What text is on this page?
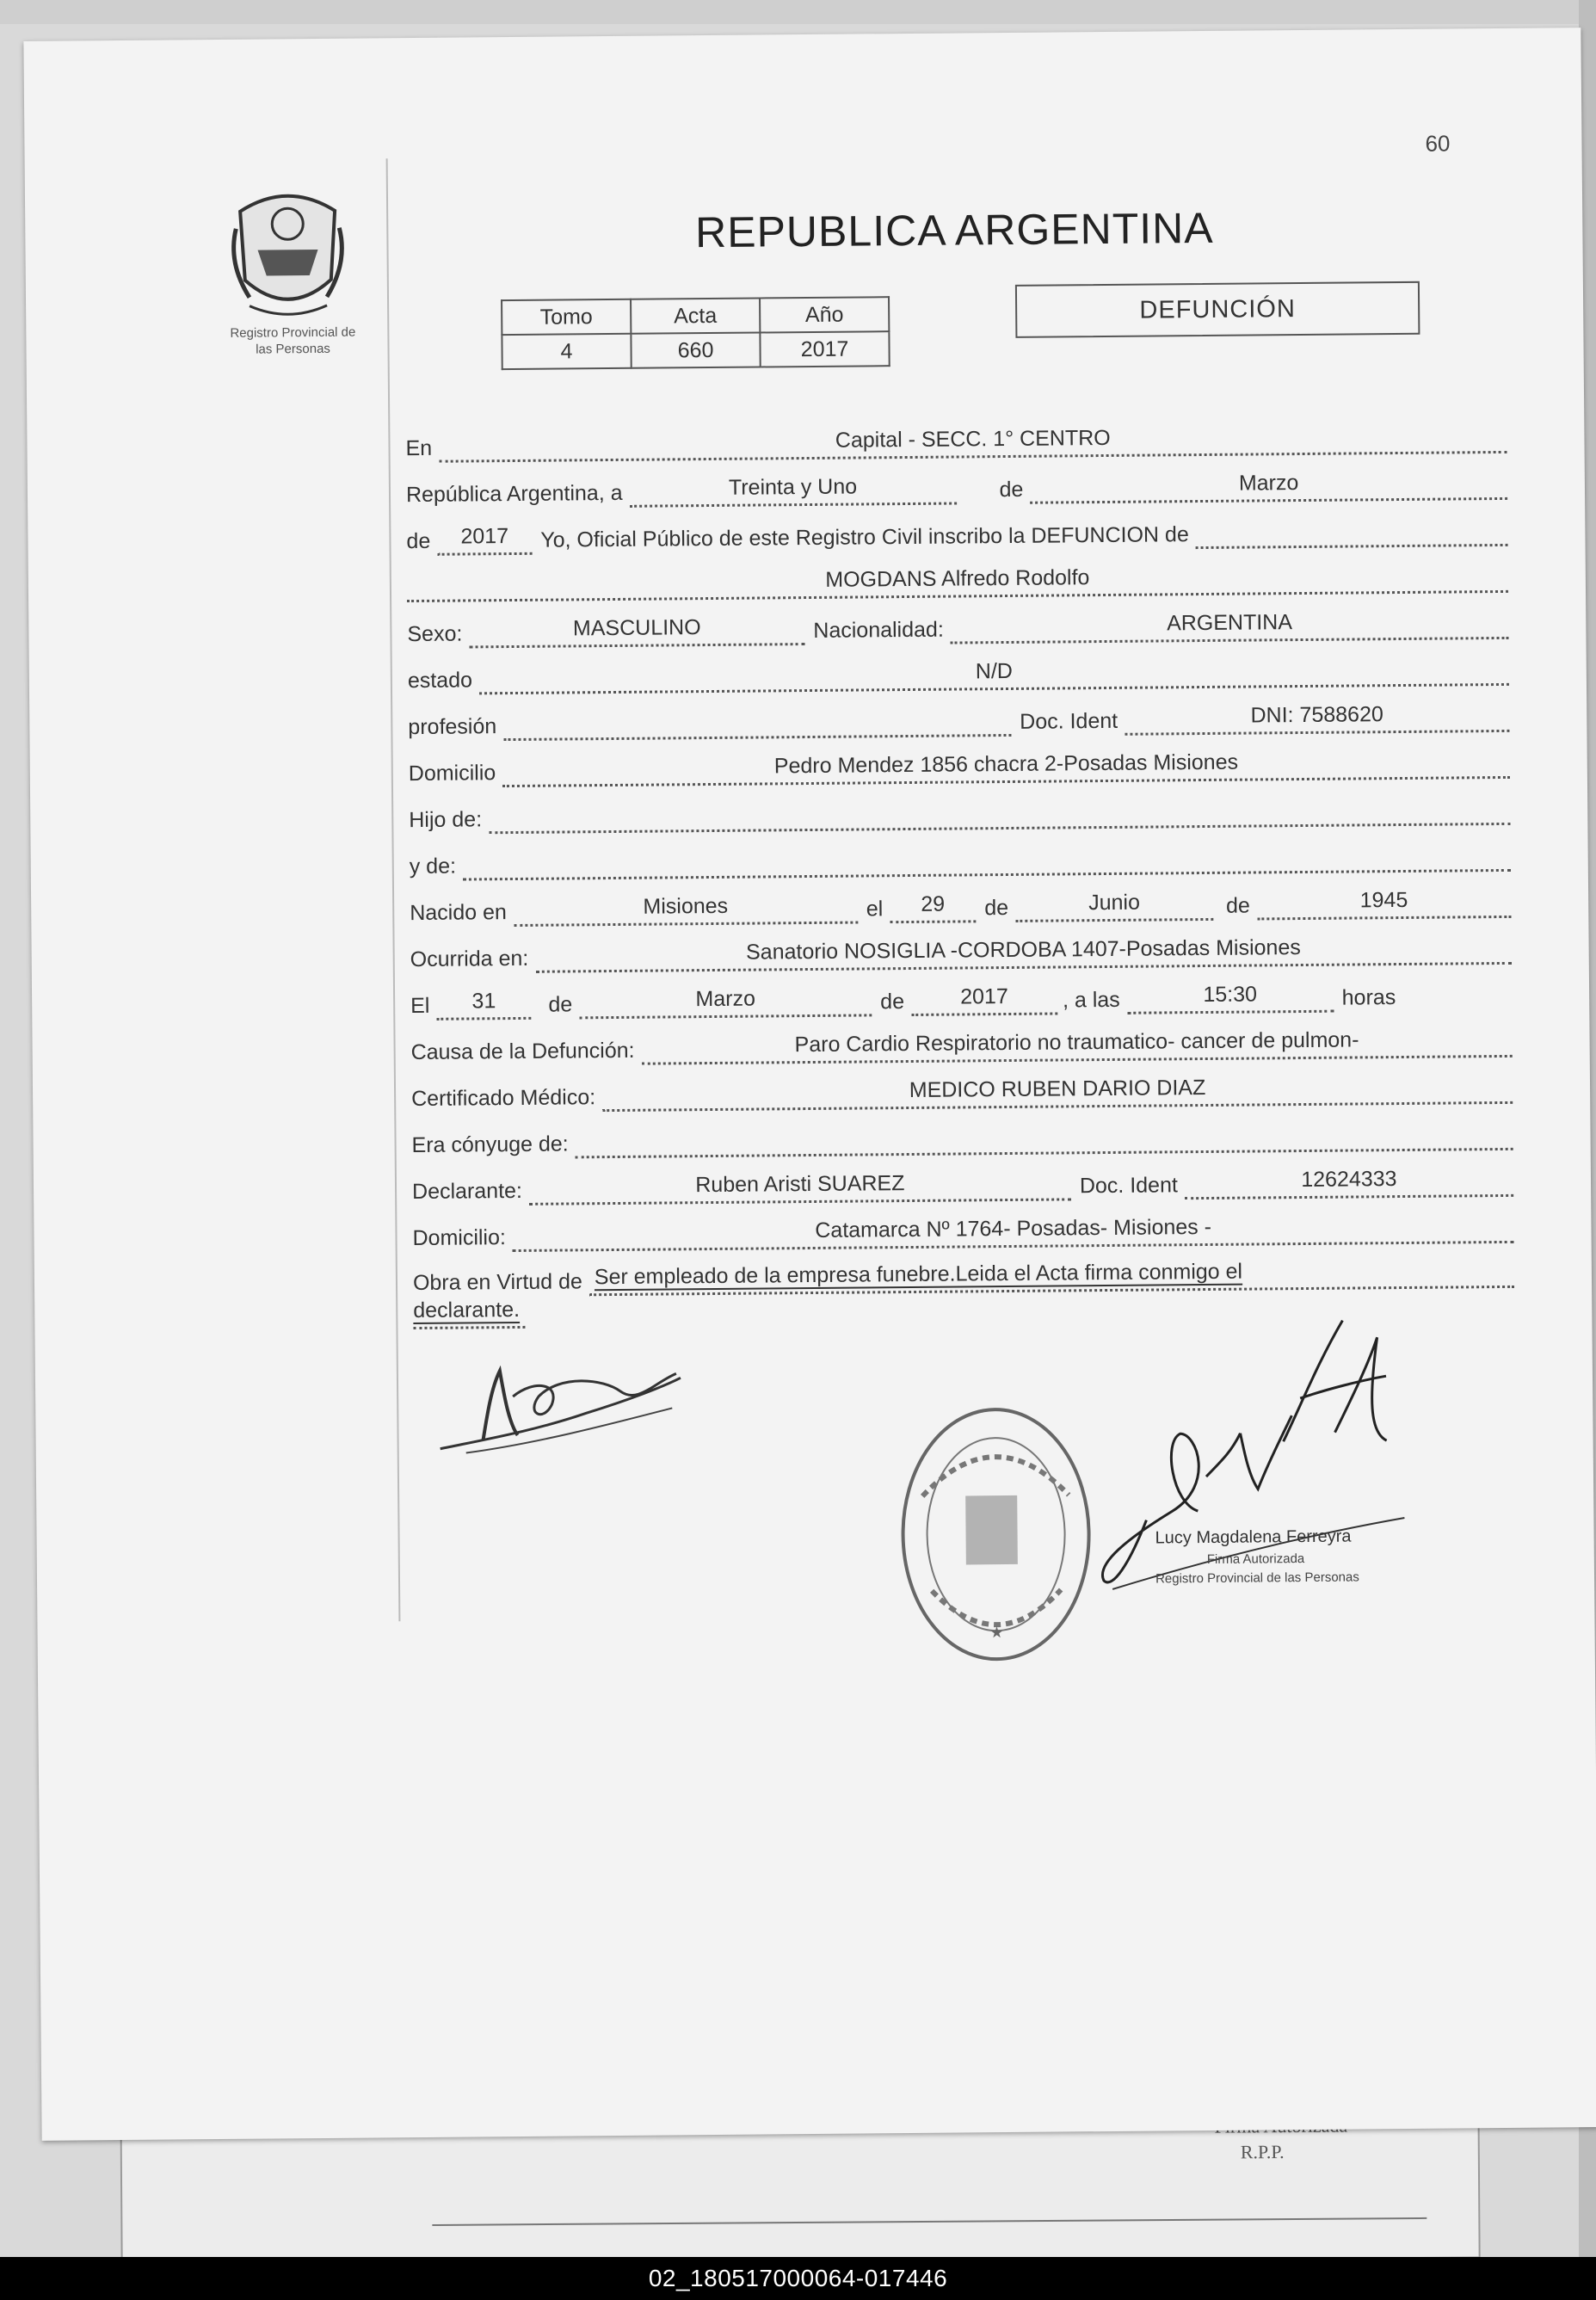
R.P.P.
60
Registro Provincial de
las Personas
REPUBLICA ARGENTINA
Tomo	Acta	Año
4	660	2017
DEFUNCIÓN
En	Capital - SECC. 1° CENTRO
República Argentina, a	Treinta y Uno	de	Marzo
de	2017	Yo, Oficial Público de este Registro Civil inscribo la DEFUNCION de
MOGDANS Alfredo Rodolfo
Sexo:	MASCULINO	Nacionalidad:	ARGENTINA
estado	N/D
profesión	Doc. Ident	DNI: 7588620
Domicilio	Pedro Mendez 1856 chacra 2-Posadas Misiones
Hijo de:
y de:
Nacido en	Misiones	el	29	de	Junio	de	1945
Ocurrida en:	Sanatorio NOSIGLIA -CORDOBA 1407-Posadas Misiones
El	31	de	Marzo	de	2017	, a las	15:30	horas
Causa de la Defunción:	Paro Cardio Respiratorio no traumatico- cancer de pulmon-
Certificado Médico:	MEDICO RUBEN DARIO DIAZ
Era cónyuge de:
Declarante:	Ruben Aristi SUAREZ	Doc. Ident	12624333
Domicilio:	Catamarca Nº 1764- Posadas- Misiones -
Obra en Virtud de Ser empleado de la empresa funebre.Leida el Acta firma conmigo el
declarante.
★
Lucy Magdalena Ferreyra
Firma Autorizada
Registro Provincial de las Personas
02_180517000064-017446
